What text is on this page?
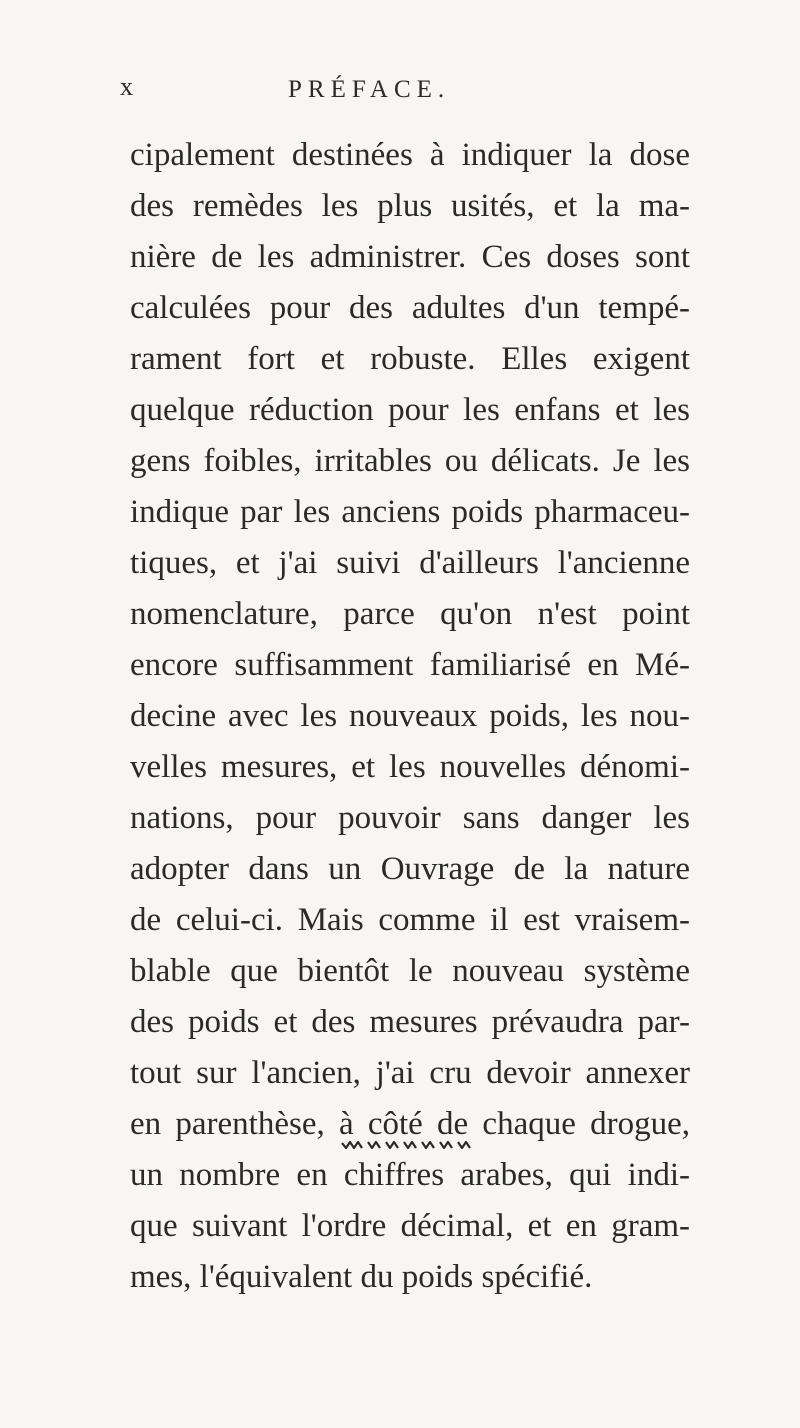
x	PRÉFACE.
cipalement destinées à indiquer la dose
des remèdes les plus usités, et la ma-
nière de les administrer. Ces doses sont
calculées pour des adultes d'un tempé-
rament fort et robuste. Elles exigent
quelque réduction pour les enfans et les
gens foibles, irritables ou délicats. Je les
indique par les anciens poids pharmaceu-
tiques, et j'ai suivi d'ailleurs l'ancienne
nomenclature, parce qu'on n'est point
encore suffisamment familiarisé en Mé-
decine avec les nouveaux poids, les nou-
velles mesures, et les nouvelles dénomi-
nations, pour pouvoir sans danger les
adopter dans un Ouvrage de la nature
de celui-ci. Mais comme il est vraisem-
blable que bientôt le nouveau système
des poids et des mesures prévaudra par-
tout sur l'ancien, j'ai cru devoir annexer
en parenthèse, à côté de chaque drogue,
un nombre en chiffres arabes, qui indi-
que suivant l'ordre décimal, et en gram-
mes, l'équivalent du poids spécifié.
